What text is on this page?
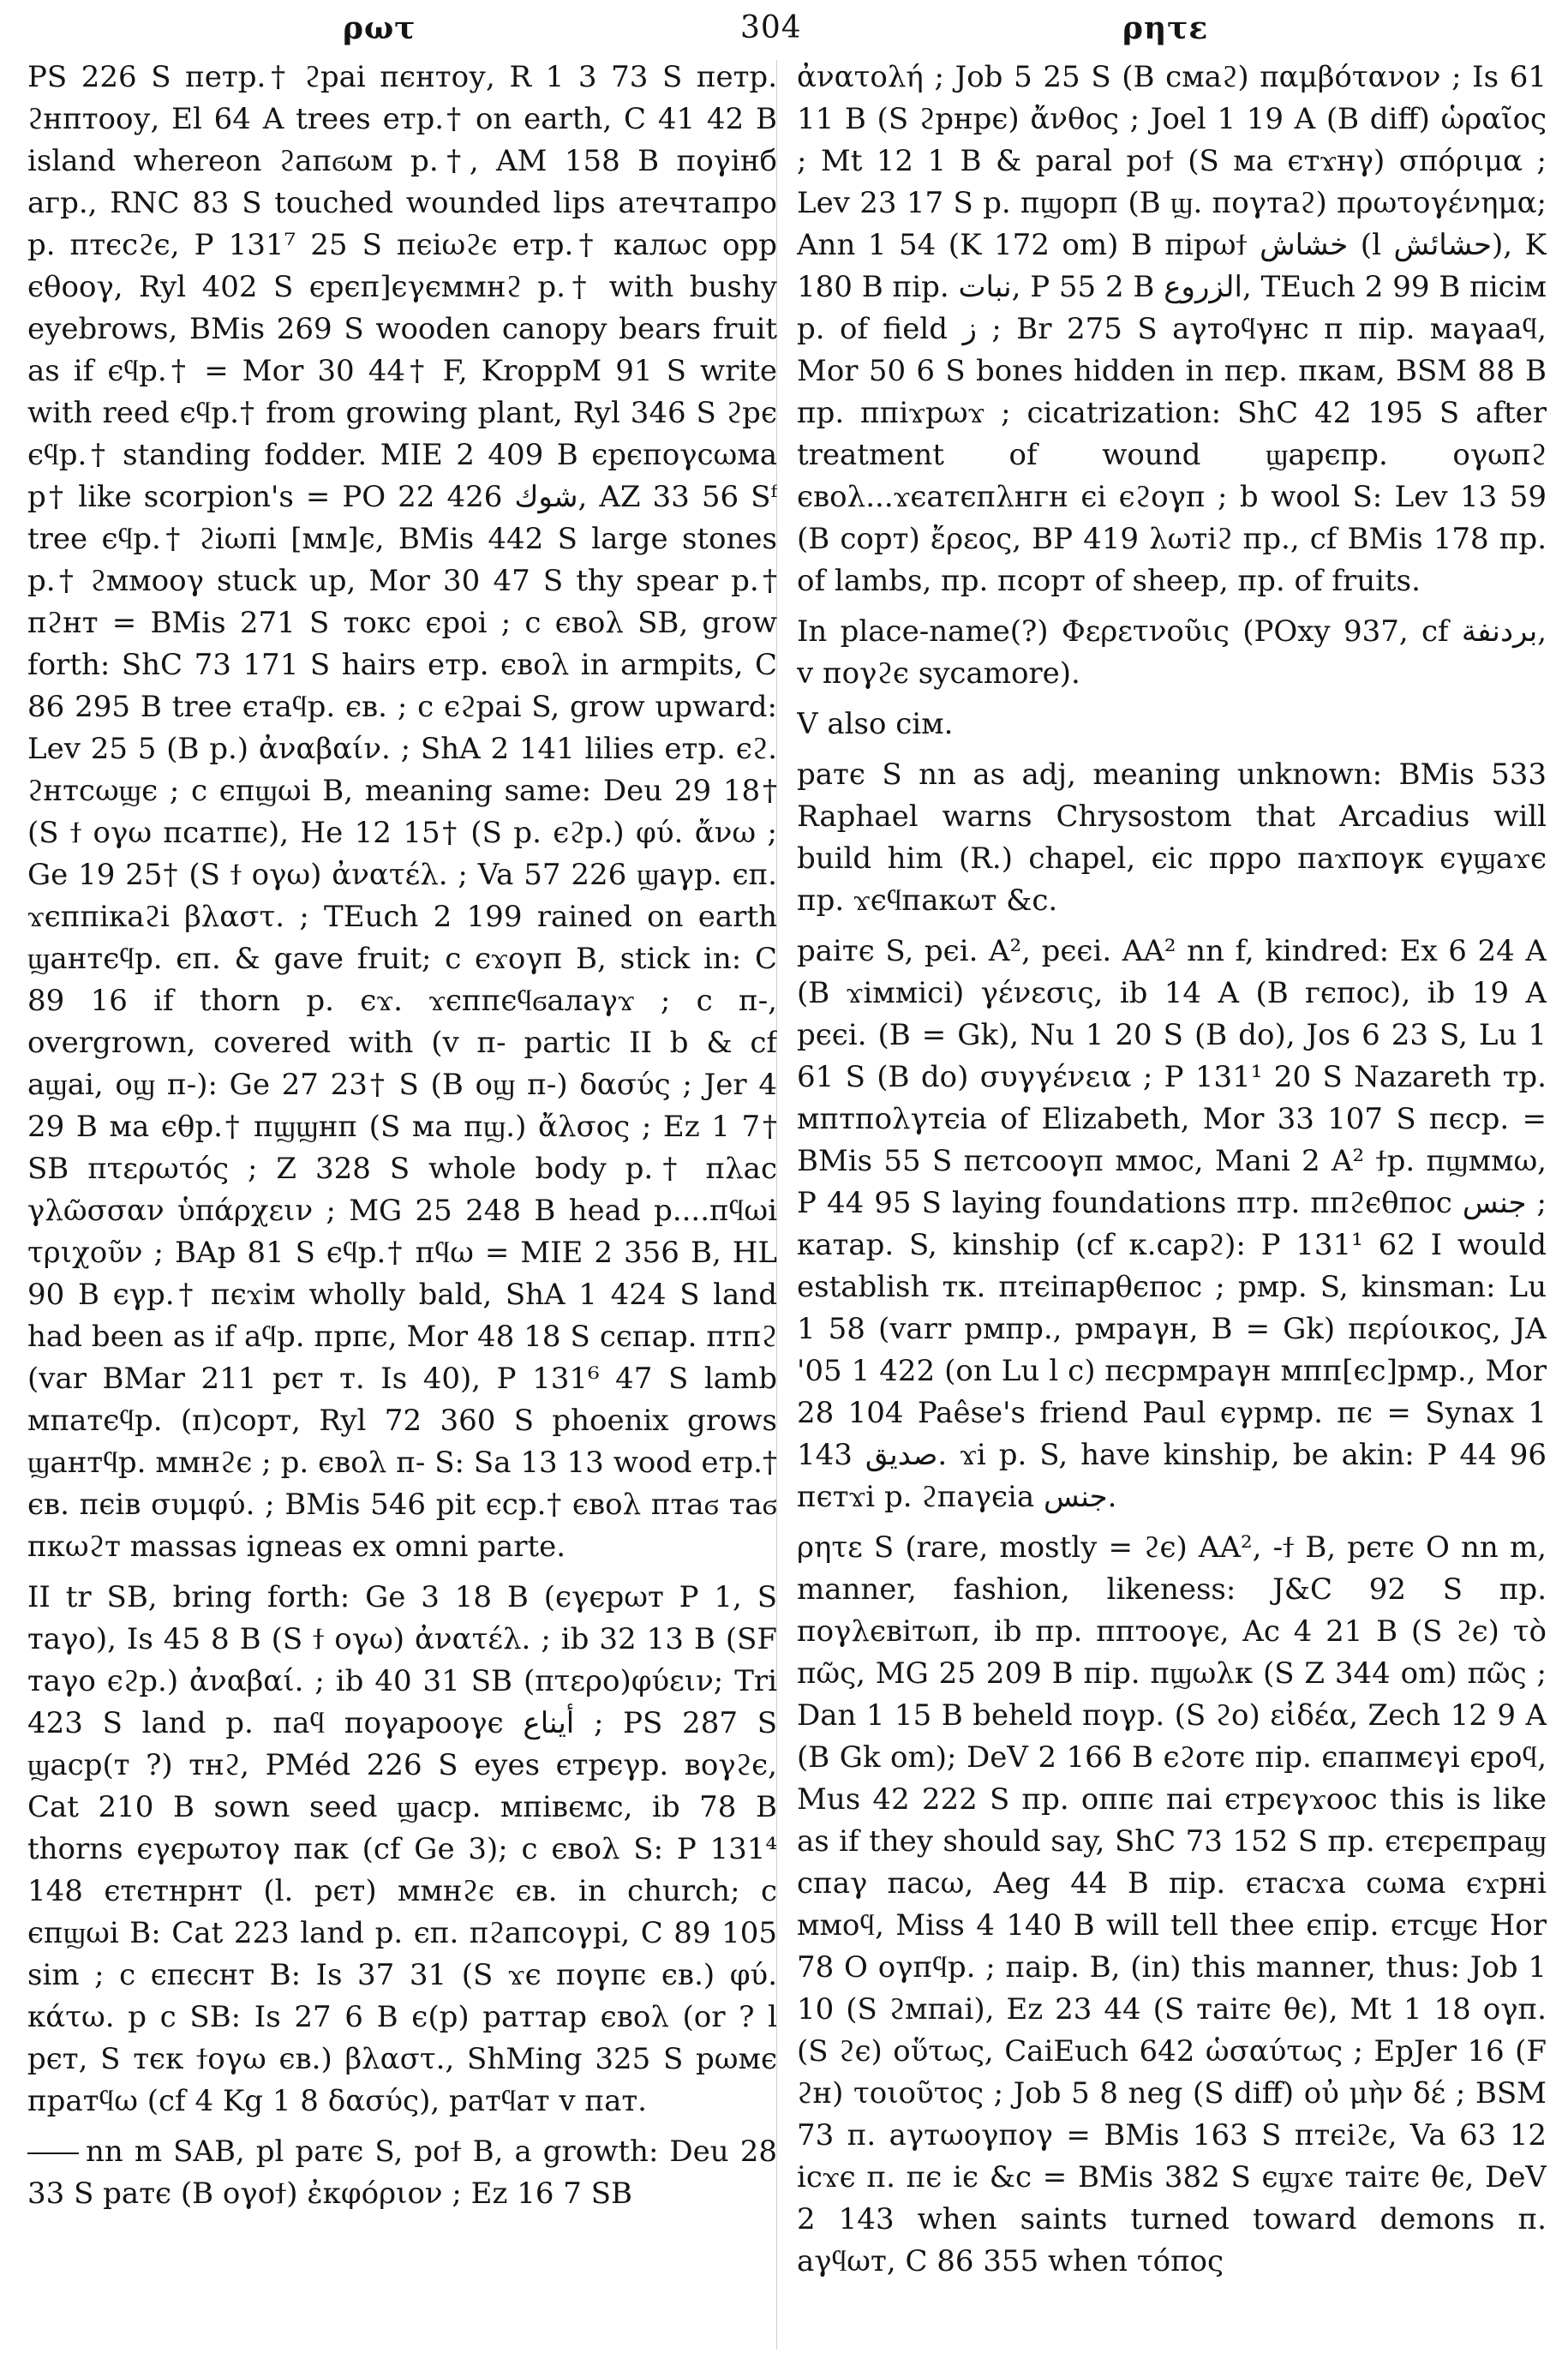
ρωτ	304	ρητε

PS 226 S петр.† ϩраі пєнтоу, R 1 3 73 S петр. ϩнптооу, El 64 A trees етр.† on earth, C 41 42 B island whereon ϩапϭωм р.†, AM 158 B пογінб агр., RNC 83 S touched wounded lips атечтапро р. птєсϩє, P 131⁷ 25 S пєіωϩє етр.† калωс opp єθооγ, Ryl 402 S єрєп]єγєммнϩ р.† with bushy eyebrows, BMis 269 S wooden canopy bears fruit as if єϥр.† = Mor 30 44† F, KroppM 91 S write with reed єϥр.† from growing plant, Ryl 346 S ϩрє єϥр.† standing fodder. MIE 2 409 B єрєпоγсωма р† like scorpion's = PO 22 426 ‫شوك‬, AZ 33 56 Sᶠ tree єϥр.† ϩіωпі [мм]є, BMis 442 S large stones р.† ϩммооγ stuck up, Mor 30 47 S thy spear р.† пϩнт = BMis 271 S токс єроі ; c євоλ SB, grow forth: ShC 73 171 S hairs етр. євоλ in armpits, C 86 295 B tree єтаϥр. єв. ; c єϩраі S, grow upward: Lev 25 5 (B р.) ἀναβαίν. ; ShA 2 141 lilies етр. єϩ. ϩнтсωϣє ; c єпϣωі B, meaning same: Deu 29 18† (S ϯ оγω псатпє), He 12 15† (S р. єϩр.) φύ. ἄνω ; Ge 19 25† (S ϯ оγω) ἀνατέλ. ; Va 57 226 ϣаγр. єп. ϫєппікаϩі βλαστ. ; TEuch 2 199 rained on earth ϣантєϥр. єп. & gave fruit; c єϫоγп B, stick in: C 89 16 if thorn р. єϫ. ϫєппєϥϭалаγϫ ; c п-, overgrown, covered with (v п- partic II b & cf аϣаі, оϣ п-): Ge 27 23† S (B оϣ п-) δασύς ; Jer 4 29 B ма єθр.† пϣϣнп (S ма пϣ.) ἄλσος ; Ez 1 7† SB πτερωτός ; Z 328 S whole body р.† пλас γλῶσσαν ὑπάρχειν ; MG 25 248 B head р....пϥωі τριχοῦν ; BAp 81 S єϥр.† пϥω = MIE 2 356 B, HL 90 B єγр.† пєϫім wholly bald, ShA 1 424 S land had been as if аϥр. прпє, Mor 48 18 S сєпар. птпϩ (var BMar 211 рєт т. Is 40), P 131⁶ 47 S lamb мпатєϥр. (п)сорт, Ryl 72 360 S phoenix grows ϣантϥр. ммнϩє ; р. євоλ п- S: Sa 13 13 wood етр.† єв. пєів συμφύ. ; BMis 546 pit єср.† євоλ птаϭ таϭ пкωϩт massas igneas ex omni parte.

II tr SB, bring forth: Ge 3 18 B (єγєрωт P 1, S таγо), Is 45 8 B (S ϯ оγω) ἀνατέλ. ; ib 32 13 B (SF таγо єϩр.) ἀναβαί. ; ib 40 31 SB (πτερο)φύειν; Tri 423 S land р. паϥ поγарооγє ‫أيناع‬ ; PS 287 S ϣаср(т ?) тнϩ, PMéd 226 S eyes єтрєγр. воγϩє, Cat 210 B sown seed ϣаср. мпівємс, ib 78 B thorns єγєрωтоγ пак (cf Ge 3); c євоλ S: P 131⁴ 148 єтєтнрнт (l. рєт) ммнϩє єв. in church; c єпϣωі B: Cat 223 land р. єп. пϩапсоγрі, C 89 105 sim ; c єпєснт B: Is 37 31 (S ϫє поγпє єв.) φύ. κάτω. р c SB: Is 27 6 B є(р) раттар євоλ (or ? l рєт, S тєк ϯоγω єв.) βλαστ., ShMing 325 S рωмє пратϥω (cf 4 Kg 1 8 δασύς), ратϥат v пат.

nn m SAB, pl ратє S, роϯ B, a growth: Deu 28 33 S ратє (B оγоϯ) ἐκφόριον ; Ez 16 7 SB

ἀνατολή ; Job 5 25 S (B смаϩ) παμβότανον ; Is 61 11 B (S ϩрнрє) ἄνθος ; Joel 1 19 A (B diff) ὡραῖος ; Mt 12 1 B & paral роϯ (S ма єтϫнγ) σπόριμα ; Lev 23 17 S р. пϣорп (B ϣ. поγтаϩ) πρωτογένημα; Ann 1 54 (K 172 om) B пірωϯ ‫خشاش‬ (l ‫حشائش‬), K 180 B пір. ‫نبات‬, P 55 2 B ‫الزروع‬, TEuch 2 99 B пісім р. of field ‫ز‬ ; Br 275 S аγтоϥγнс п пір. маγааϥ, Mor 50 6 S bones hidden in пєр. пкам, BSM 88 B пр. ппіϫрωϫ ; cicatrization: ShC 42 195 S after treatment of wound ϣарєпр. оγωпϩ євоλ...ϫєатєпλнгн єі єϩоγп ; b wool S: Lev 13 59 (B сорт) ἔρεος, BP 419 λωтіϩ пр., cf BMis 178 пр. of lambs, пр. псорт of sheep, пр. of fruits.

In place-name(?) Φερετνοῦις (POxy 937, cf ‫بردنفة‬, v поγϩє sycamore).

V also сім.

ратє S nn as adj, meaning unknown: BMis 533 Raphael warns Chrysostom that Arcadius will build him (R.) chapel, єіс пρро паϫпоγк єγϣаϫє пр. ϫєϥпакωт &c.

раітє S, рєі. A², рєєі. AA² nn f, kindred: Ex 6 24 A (B ϫіммісі) γένεσις, ib 14 A (B гєпос), ib 19 A рєєі. (B = Gk), Nu 1 20 S (B do), Jos 6 23 S, Lu 1 61 S (B do) συγγένεια ; P 131¹ 20 S Nazareth тр. мптпоλγтєіа of Elizabeth, Mor 33 107 S пєср. = BMis 55 S пєтсооγп ммос, Mani 2 A² ϯр. пϣммω, P 44 95 S laying foundations птр. ппϩєθпос ‫جنس‬ ; катар. S, kinship (cf к.сарϩ): P 131¹ 62 I would establish тк. птєіпарθєпос ; рмр. S, kinsman: Lu 1 58 (varr рмпр., рмраγн, B = Gk) περίοικος, JA '05 1 422 (on Lu l c) пєсрмраγн мпп[єс]рмр., Mor 28 104 Paêse's friend Paul єγрмр. пє = Synax 1 143 ‫صديق‬. ϫі р. S, have kinship, be akin: P 44 96 пєтϫі р. ϩпаγєіа ‫جنس‬.

ρητε S (rare, mostly = ϩє) AA², -ϯ B, рєтє O nn m, manner, fashion, likeness: J&C 92 S пр. поγλєвітωп, ib пр. пптооγє, Ac 4 21 B (S ϩє) τὸ πῶς, MG 25 209 B пір. пϣωλк (S Z 344 om) πῶς ; Dan 1 15 B beheld поγр. (S ϩо) εἰδέα, Zech 12 9 A (B Gk om); DeV 2 166 B єϩотє пір. єпапмєγі єроϥ, Mus 42 222 S пр. оппє паі єтрєγϫоос this is like as if they should say, ShC 73 152 S пр. єтєрєпраϣ спаγ пасω, Aeg 44 B пір. єтасϫа сωма єϫрні ммоϥ, Miss 4 140 B will tell thee єпір. єтсϣє Hor 78 O оγпϥр. ; паір. B, (in) this manner, thus: Job 1 10 (S ϩмпаі), Ez 23 44 (S таітє θє), Mt 1 18 оγп. (S ϩє) οὕτως, CaiEuch 642 ὡσαύτως ; EpJer 16 (F ϩн) τοιοῦτος ; Job 5 8 neg (S diff) οὐ μὴν δέ ; BSM 73 п. аγтωоγпоγ = BMis 163 S птєіϩє, Va 63 12 іϲϫє п. пє іє &c = BMis 382 S єϣϫє таітє θє, DeV 2 143 when saints turned toward demons п. аγϥωт, C 86 355 when τόπος
